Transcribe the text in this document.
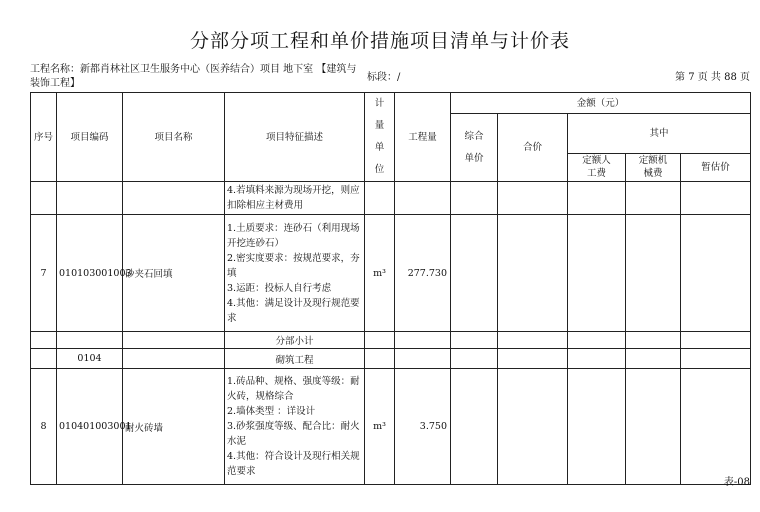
分部分项工程和单价措施项目清单与计价表
工程名称：新都肖林社区卫生服务中心（医养结合）项目 地下室 【建筑与装饰工程】
标段：/	第 7 页 共 88 页
序号	项目编码	项目名称	项目特征描述	计量单位	工程量	金额（元）				

						综合单价	合价	其中		

								定额人工费	定额机械费	暂估价
			4.若填料来源为现场开挖，则应扣除相应主材费用							
7	010103001003	砂夹石回填	1.土质要求：连砂石（利用现场开挖连砂石）
2.密实度要求：按规范要求，夯填
3.运距：投标人自行考虑
4.其他：满足设计及现行规范要求	m³	277.730					
			分部小计							
	0104		砌筑工程							
8	010401003001	耐火砖墙	1.砖品种、规格、强度等级：耐火砖，规格综合
2.墙体类型 ：详设计
3.砂浆强度等级、配合比：耐火水泥
4.其他：符合设计及现行相关规范要求	m³	3.750					
表-08
